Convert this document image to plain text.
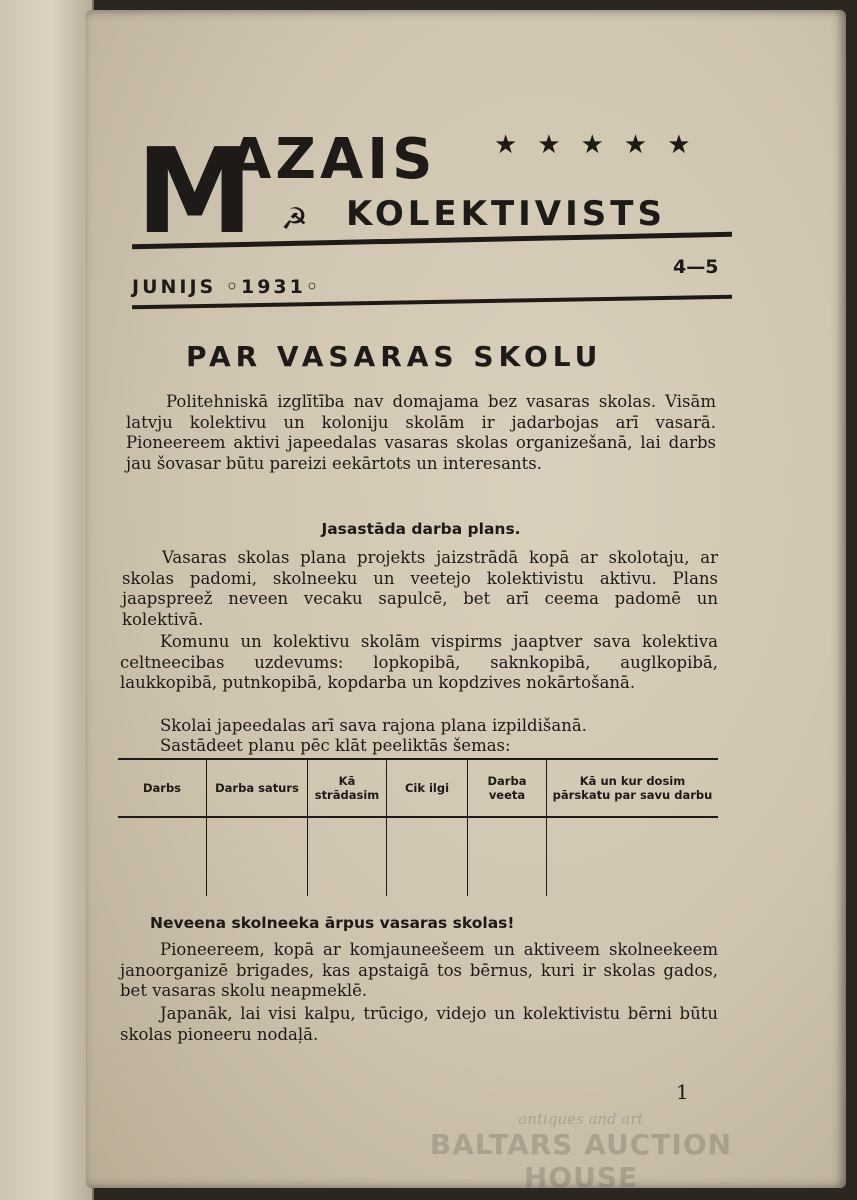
M
AZAIS ★★★★★
☭ KOLEKTIVISTS
JUNIJS ◦1931◦
4—5
PAR VASARAS SKOLU
Politehniskā izglītība nav domajama bez vasaras skolas. Visām latvju kolektivu un koloniju skolām ir jadarbojas arī vasarā. Pioneereem aktivi japeedalas vasaras skolas organizešanā, lai darbs jau šovasar būtu pareizi eekārtots un interesants.
Jasastāda darba plans.
Vasaras skolas plana projekts jaizstrādā kopā ar skolotaju, ar skolas padomi, skolneeku un veetejo kolektivistu aktivu. Plans jaapspreež neveen vecaku sapulcē, bet arī ceema padomē un kolektivā.
Komunu un kolektivu skolām vispirms jaaptver sava kolektiva celtneecibas uzdevums: lopkopibā, saknkopibā, auglkopibā, laukkopibā, putnkopibā, kopdarba un kopdzives nokārtošanā.
Skolai japeedalas arī sava rajona plana izpildišanā.
Sastādeet planu pēc klāt peeliktās šemas:
Darbs	Darba saturs	Kā strādasim	Cik ilgi	Darba veeta	Kā un kur dosim pārskatu par savu darbu

Neveena skolneeka ārpus vasaras skolas!
Pioneereem, kopā ar komjauneešeem un aktiveem skolneekeem janoorganizē brigades, kas apstaigā tos bērnus, kuri ir skolas gados, bet vasaras skolu neapmeklē.
Japanāk, lai visi kalpu, trūcigo, videjo un kolektivistu bērni būtu skolas pioneeru nodaļā.
1
antiques and art
BALTARS AUCTION HOUSE
